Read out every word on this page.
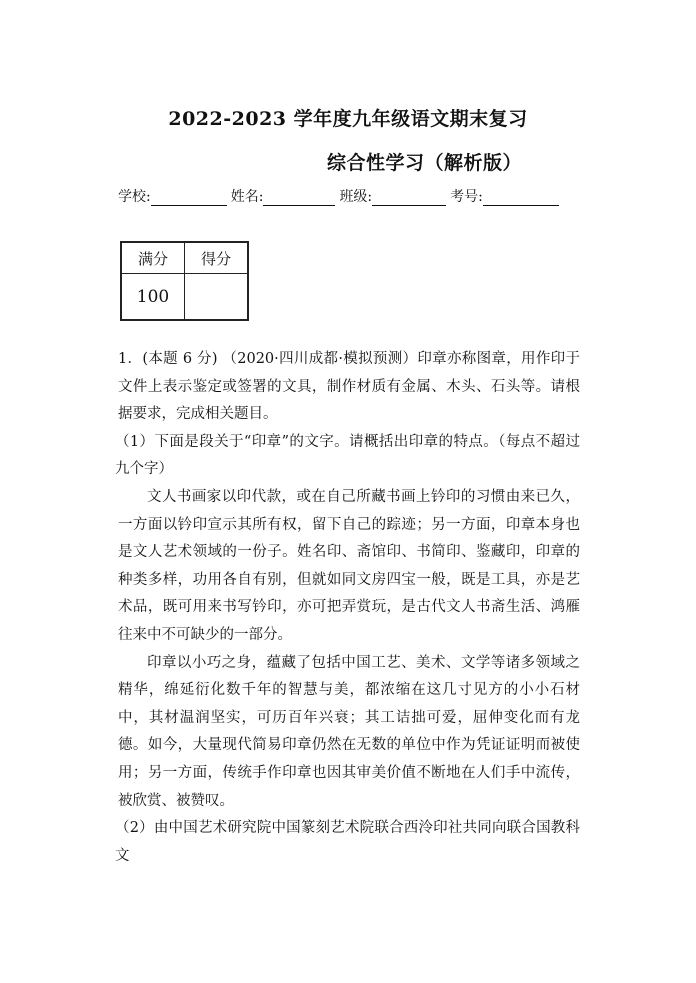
2022-2023 学年度九年级语文期末复习
综合性学习（解析版）
学校:	姓名:	班级:	考号:
满分	得分
100	

1．(本题 6 分) （2020·四川成都·模拟预测）印章亦称图章，用作印于文件上表示鉴定或签署的文具，制作材质有金属、木头、石头等。请根据要求，完成相关题目。

（1）下面是段关于“印章”的文字。请概括出印章的特点。（每点不超过九个字）

文人书画家以印代款，或在自己所藏书画上钤印的习惯由来已久，一方面以钤印宣示其所有权，留下自己的踪迹；另一方面，印章本身也是文人艺术领域的一份子。姓名印、斋馆印、书简印、鉴藏印，印章的种类多样，功用各自有别，但就如同文房四宝一般，既是工具，亦是艺术品，既可用来书写钤印，亦可把弄赏玩，是古代文人书斋生活、鸿雁往来中不可缺少的一部分。

印章以小巧之身，蕴藏了包括中国工艺、美术、文学等诸多领域之精华，绵延衍化数千年的智慧与美，都浓缩在这几寸见方的小小石材中，其材温润坚实，可历百年兴衰；其工诘拙可爱，屈伸变化而有龙德。如今，大量现代简易印章仍然在无数的单位中作为凭证证明而被使用；另一方面，传统手作印章也因其审美价值不断地在人们手中流传，被欣赏、被赞叹。

（2）由中国艺术研究院中国篆刻艺术院联合西泠印社共同向联合国教科文
